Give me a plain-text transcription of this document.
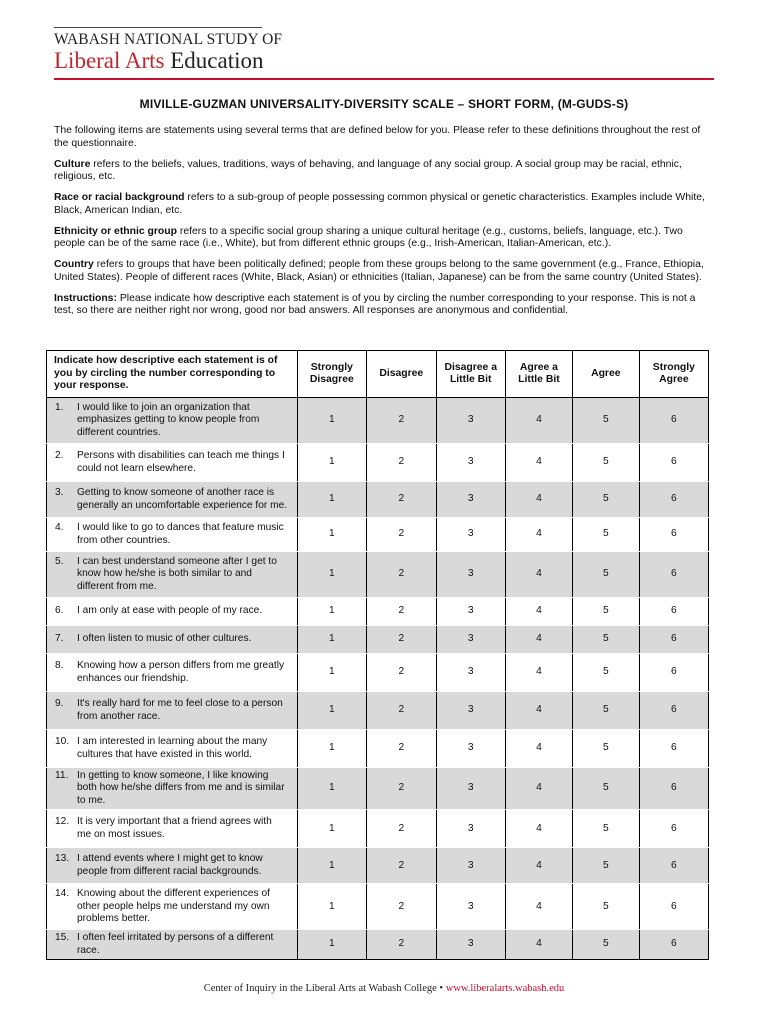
WABASH NATIONAL STUDY OF
Liberal Arts Education
MIVILLE-GUZMAN UNIVERSALITY-DIVERSITY SCALE – SHORT FORM, (M-GUDS-S)

The following items are statements using several terms that are defined below for you. Please refer to these definitions throughout the rest of the questionnaire.

Culture refers to the beliefs, values, traditions, ways of behaving, and language of any social group. A social group may be racial, ethnic, religious, etc.

Race or racial background refers to a sub-group of people possessing common physical or genetic characteristics. Examples include White, Black, American Indian, etc.

Ethnicity or ethnic group refers to a specific social group sharing a unique cultural heritage (e.g., customs, beliefs, language, etc.). Two people can be of the same race (i.e., White), but from different ethnic groups (e.g., Irish-American, Italian-American, etc.).

Country refers to groups that have been politically defined; people from these groups belong to the same government (e.g., France, Ethiopia, United States). People of different races (White, Black, Asian) or ethnicities (Italian, Japanese) can be from the same country (United States).

Instructions: Please indicate how descriptive each statement is of you by circling the number corresponding to your response. This is not a test, so there are neither right nor wrong, good nor bad answers. All responses are anonymous and confidential.

Indicate how descriptive each statement is of you by circling the number corresponding to your response.	Strongly Disagree	Disagree	Disagree a Little Bit	Agree a Little Bit	Agree	Strongly Agree

1. I would like to join an organization that emphasizes getting to know people from different countries.	1	2	3	4	5	6

2. Persons with disabilities can teach me things I could not learn elsewhere.	1	2	3	4	5	6

3. Getting to know someone of another race is generally an uncomfortable experience for me.	1	2	3	4	5	6

4. I would like to go to dances that feature music from other countries.	1	2	3	4	5	6

5. I can best understand someone after I get to know how he/she is both similar to and different from me.	1	2	3	4	5	6

6. I am only at ease with people of my race.	1	2	3	4	5	6

7. I often listen to music of other cultures.	1	2	3	4	5	6

8. Knowing how a person differs from me greatly enhances our friendship.	1	2	3	4	5	6

9. It's really hard for me to feel close to a person from another race.	1	2	3	4	5	6

10. I am interested in learning about the many cultures that have existed in this world.	1	2	3	4	5	6

11. In getting to know someone, I like knowing both how he/she differs from me and is similar to me.	1	2	3	4	5	6

12. It is very important that a friend agrees with me on most issues.	1	2	3	4	5	6

13. I attend events where I might get to know people from different racial backgrounds.	1	2	3	4	5	6

14. Knowing about the different experiences of other people helps me understand my own problems better.	1	2	3	4	5	6

15. I often feel irritated by persons of a different race.	1	2	3	4	5	6
Center of Inquiry in the Liberal Arts at Wabash College • www.liberalarts.wabash.edu
